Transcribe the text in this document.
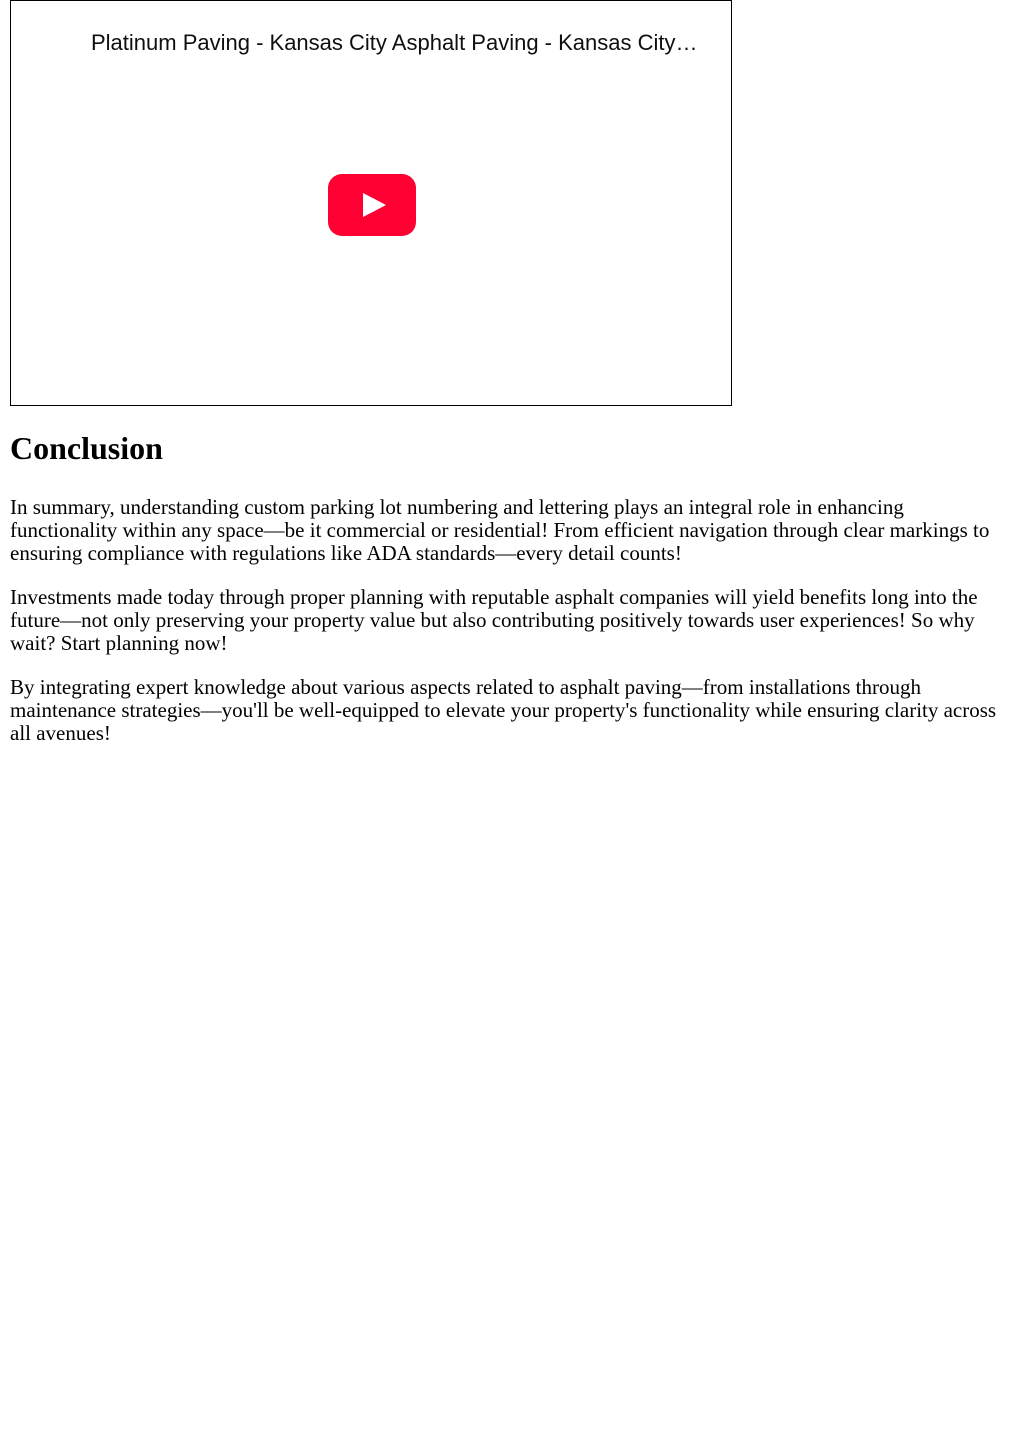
Platinum Paving - Kansas City Asphalt Paving - Kansas City…
Conclusion

In summary, understanding custom parking lot numbering and lettering plays an integral role in enhancing functionality within any space—be it commercial or residential! From efficient navigation through clear markings to ensuring compliance with regulations like ADA standards—every detail counts!

Investments made today through proper planning with reputable asphalt companies will yield benefits long into the future—not only preserving your property value but also contributing positively towards user experiences! So why wait? Start planning now!

By integrating expert knowledge about various aspects related to asphalt paving—from installations through maintenance strategies—you'll be well-equipped to elevate your property's functionality while ensuring clarity across all avenues!
